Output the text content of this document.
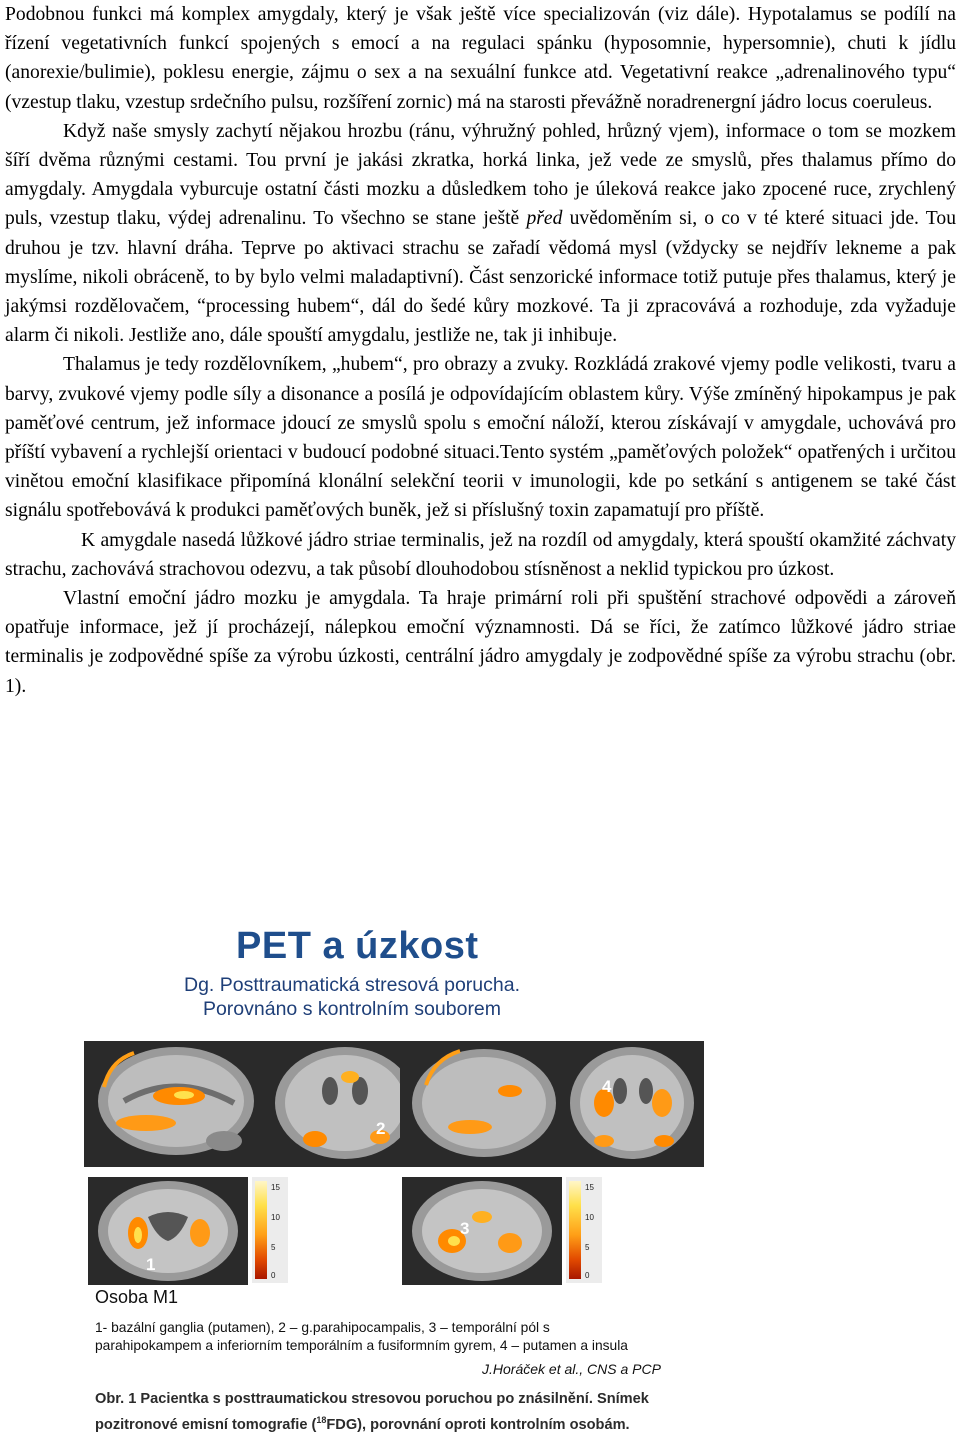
Podobnou funkci má komplex amygdaly, který je však ještě více specializován (viz dále). Hypotalamus se podílí na řízení vegetativních funkcí spojených s emocí a na regulaci spánku (hyposomnie, hypersomnie), chuti k jídlu (anorexie/bulimie), poklesu energie, zájmu o sex a na sexuální funkce atd. Vegetativní reakce „adrenalinového typu“ (vzestup tlaku, vzestup srdečního pulsu, rozšíření zornic) má na starosti převážně noradrenergní jádro locus coeruleus.

Když naše smysly zachytí nějakou hrozbu (ránu, výhružný pohled, hrůzný vjem), informace o tom se mozkem šíří dvěma různými cestami. Tou první je jakási zkratka, horká linka, jež vede ze smyslů, přes thalamus přímo do amygdaly. Amygdala vyburcuje ostatní části mozku a důsledkem toho je úleková reakce jako zpocené ruce, zrychlený puls, vzestup tlaku, výdej adrenalinu. To všechno se stane ještě před uvědoměním si, o co v té které situaci jde. Tou druhou je tzv. hlavní dráha. Teprve po aktivaci strachu se zařadí vědomá mysl (vždycky se nejdřív lekneme a pak myslíme, nikoli obráceně, to by bylo velmi maladaptivní). Část senzorické informace totiž putuje přes thalamus, který je jakýmsi rozdělovačem, “processing hubem“, dál do šedé kůry mozkové. Ta ji zpracovává a rozhoduje, zda vyžaduje alarm či nikoli. Jestliže ano, dále spouští amygdalu, jestliže ne, tak ji inhibuje.

Thalamus je tedy rozdělovníkem, „hubem“, pro obrazy a zvuky. Rozkládá zrakové vjemy podle velikosti, tvaru a barvy, zvukové vjemy podle síly a disonance a posílá je odpovídajícím oblastem kůry. Výše zmíněný hipokampus je pak paměťové centrum, jež informace jdoucí ze smyslů spolu s emoční náloží, kterou získávají v amygdale, uchovává pro příští vybavení a rychlejší orientaci v budoucí podobné situaci.Tento systém „paměťových položek“ opatřených i určitou vinětou emoční klasifikace připomíná klonální selekční teorii v imunologii, kde po setkání s antigenem se také část signálu spotřebovává k produkci paměťových buněk, jež si příslušný toxin zapamatují pro příště.

K amygdale nasedá lůžkové jádro striae terminalis, jež na rozdíl od amygdaly, která spouští okamžité záchvaty strachu, zachovává strachovou odezvu, a tak působí dlouhodobou stísněnost a neklid typickou pro úzkost.

Vlastní emoční jádro mozku je amygdala. Ta hraje primární roli při spuštění strachové odpovědi a zároveň opatřuje informace, jež jí procházejí, nálepkou emoční významnosti. Dá se říci, že zatímco lůžkové jádro striae terminalis je zodpovědné spíše za výrobu úzkosti, centrální jádro amygdaly je zodpovědné spíše za výrobu strachu (obr. 1).

PET a úzkost
Dg. Posttraumatická stresová porucha.
Porovnáno s kontrolním souborem
2
15
10
5
0
4
1
3
15
10
5
0

Osoba M1

1- bazální ganglia (putamen), 2 – g.parahipocampalis, 3 – temporální pól s
parahipokampem a inferiorním temporálním a fusiformním gyrem, 4 – putamen a insula

J.Horáček et al., CNS a PCP

Obr. 1 Pacientka s posttraumatickou stresovou poruchou po znásilnění. Snímek
pozitronové emisní tomografie ($^{18}$FDG), porovnání oproti kontrolním osobám.
